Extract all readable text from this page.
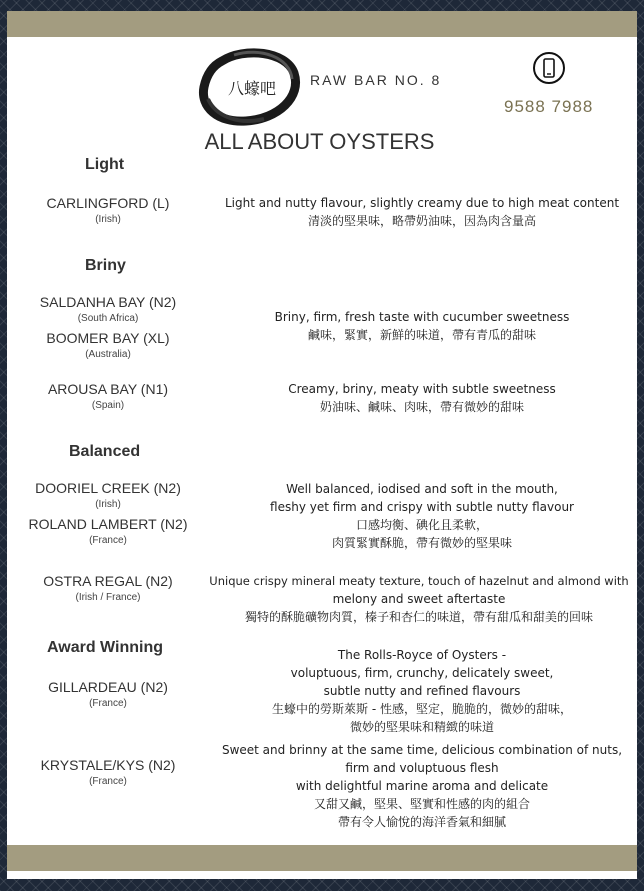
八蠔吧	RAW BAR NO. 8
9588 7988
ALL ABOUT OYSTERS
Light
CARLINGFORD (L)
(Irish)
Light and nutty flavour, slightly creamy due to high meat content
清淡的堅果味，略帶奶油味，因為肉含量高
Briny
SALDANHA BAY (N2)
(South Africa)
BOOMER BAY (XL)
(Australia)
Briny, firm, fresh taste with cucumber sweetness
鹹味，緊實，新鮮的味道，帶有青瓜的甜味
AROUSA BAY (N1)
(Spain)
Creamy, briny, meaty with subtle sweetness
奶油味、鹹味、肉味，帶有微妙的甜味
Balanced
DOORIEL CREEK (N2)
(Irish)
ROLAND LAMBERT (N2)
(France)
Well balanced, iodised and soft in the mouth,
fleshy yet firm and crispy with subtle nutty flavour
口感均衡、碘化且柔軟，
肉質緊實酥脆，帶有微妙的堅果味
OSTRA REGAL (N2)
(Irish / France)
Unique crispy mineral meaty texture, touch of hazelnut and almond with
melony and sweet aftertaste
獨特的酥脆礦物肉質，榛子和杏仁的味道，帶有甜瓜和甜美的回味
Award Winning
GILLARDEAU (N2)
(France)
The Rolls-Royce of Oysters -
voluptuous, firm, crunchy, delicately sweet,
subtle nutty and refined flavours
生蠔中的勞斯萊斯 - 性感，堅定，脆脆的，微妙的甜味，
微妙的堅果味和精緻的味道
KRYSTALE/KYS (N2)
(France)
Sweet and brinny at the same time, delicious combination of nuts,
firm and voluptuous flesh
with delightful marine aroma and delicate
又甜又鹹，堅果、堅實和性感的肉的組合
帶有令人愉悅的海洋香氣和細膩
